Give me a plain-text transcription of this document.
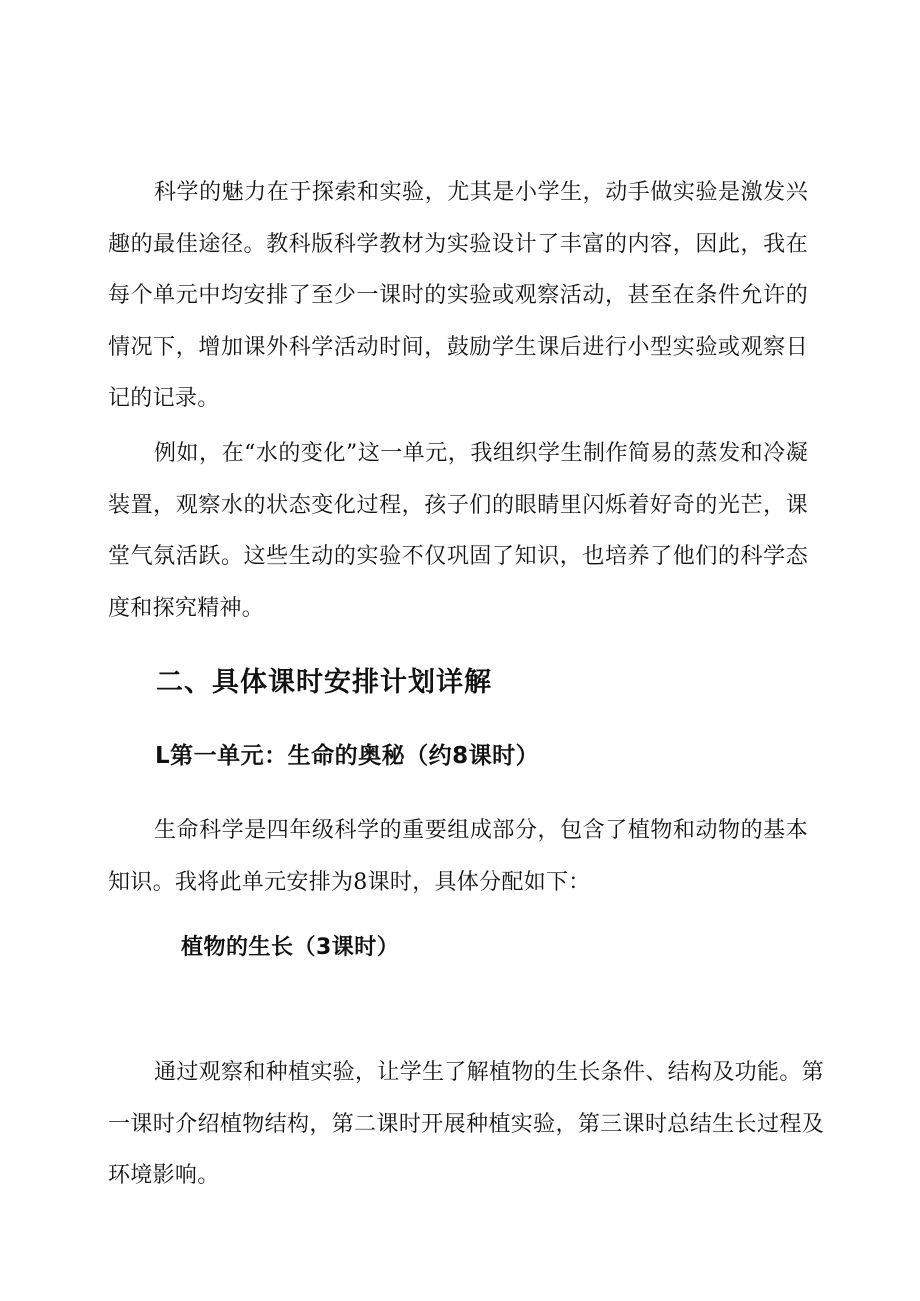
科学的魅力在于探索和实验，尤其是小学生，动手做实验是激发兴趣的最佳途径。教科版科学教材为实验设计了丰富的内容，因此，我在每个单元中均安排了至少一课时的实验或观察活动，甚至在条件允许的情况下，增加课外科学活动时间，鼓励学生课后进行小型实验或观察日记的记录。

例如，在“水的变化”这一单元，我组织学生制作简易的蒸发和冷凝装置，观察水的状态变化过程，孩子们的眼睛里闪烁着好奇的光芒，课堂气氛活跃。这些生动的实验不仅巩固了知识，也培养了他们的科学态度和探究精神。

二、具体课时安排计划详解
L第一单元：生命的奥秘（约8课时）

生命科学是四年级科学的重要组成部分，包含了植物和动物的基本知识。我将此单元安排为8课时，具体分配如下：

植物的生长（3课时）

通过观察和种植实验，让学生了解植物的生长条件、结构及功能。第一课时介绍植物结构，第二课时开展种植实验，第三课时总结生长过程及环境影响。
